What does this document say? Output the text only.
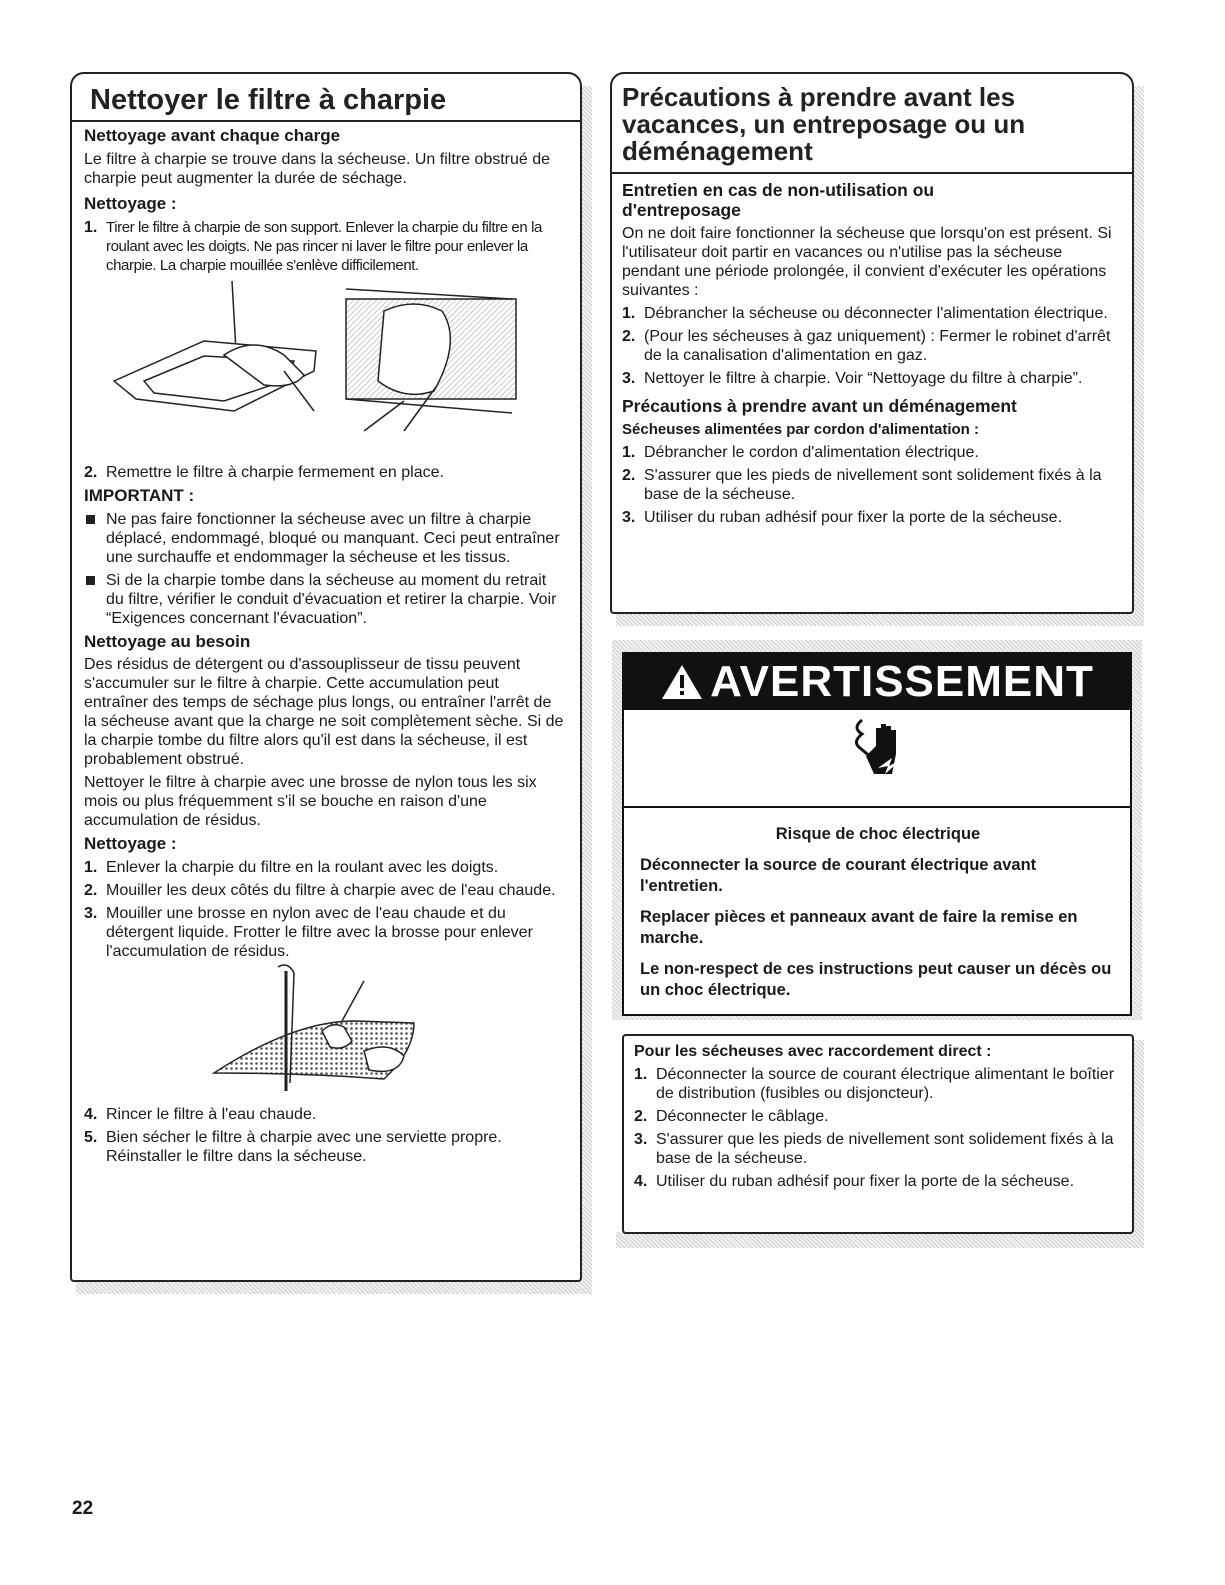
Nettoyer le filtre à charpie
Nettoyage avant chaque charge
Le filtre à charpie se trouve dans la sécheuse. Un filtre obstrué de charpie peut augmenter la durée de séchage.
Nettoyage :
1. Tirer le filtre à charpie de son support. Enlever la charpie du filtre en la roulant avec les doigts. Ne pas rincer ni laver le filtre pour enlever la charpie. La charpie mouillée s'enlève difficilement.
2. Remettre le filtre à charpie fermement en place.
IMPORTANT :
Ne pas faire fonctionner la sécheuse avec un filtre à charpie déplacé, endommagé, bloqué ou manquant. Ceci peut entraîner une surchauffe et endommager la sécheuse et les tissus.
Si de la charpie tombe dans la sécheuse au moment du retrait du filtre, vérifier le conduit d'évacuation et retirer la charpie. Voir “Exigences concernant l'évacuation”.
Nettoyage au besoin
Des résidus de détergent ou d'assouplisseur de tissu peuvent s'accumuler sur le filtre à charpie. Cette accumulation peut entraîner des temps de séchage plus longs, ou entraîner l'arrêt de la sécheuse avant que la charge ne soit complètement sèche. Si de la charpie tombe du filtre alors qu'il est dans la sécheuse, il est probablement obstrué.
Nettoyer le filtre à charpie avec une brosse de nylon tous les six mois ou plus fréquemment s'il se bouche en raison d'une accumulation de résidus.
Nettoyage :
1. Enlever la charpie du filtre en la roulant avec les doigts.
2. Mouiller les deux côtés du filtre à charpie avec de l'eau chaude.
3. Mouiller une brosse en nylon avec de l'eau chaude et du détergent liquide. Frotter le filtre avec la brosse pour enlever l'accumulation de résidus.
4. Rincer le filtre à l'eau chaude.
5. Bien sécher le filtre à charpie avec une serviette propre. Réinstaller le filtre dans la sécheuse.
Précautions à prendre avant les
vacances, un entreposage ou un
déménagement
Entretien en cas de non-utilisation ou d'entreposage
On ne doit faire fonctionner la sécheuse que lorsqu'on est présent. Si l'utilisateur doit partir en vacances ou n'utilise pas la sécheuse pendant une période prolongée, il convient d'exécuter les opérations suivantes :
1. Débrancher la sécheuse ou déconnecter l'alimentation électrique.
2. (Pour les sécheuses à gaz uniquement) : Fermer le robinet d'arrêt de la canalisation d'alimentation en gaz.
3. Nettoyer le filtre à charpie. Voir “Nettoyage du filtre à charpie”.
Précautions à prendre avant un déménagement
Sécheuses alimentées par cordon d'alimentation :
1. Débrancher le cordon d'alimentation électrique.
2. S'assurer que les pieds de nivellement sont solidement fixés à la base de la sécheuse.
3. Utiliser du ruban adhésif pour fixer la porte de la sécheuse.
AVERTISSEMENT

Risque de choc électrique

Déconnecter la source de courant électrique avant l'entretien.

Replacer pièces et panneaux avant de faire la remise en marche.

Le non-respect de ces instructions peut causer un décès ou un choc électrique.

Pour les sécheuses avec raccordement direct :
1. Déconnecter la source de courant électrique alimentant le boîtier de distribution (fusibles ou disjoncteur).
2. Déconnecter le câblage.
3. S'assurer que les pieds de nivellement sont solidement fixés à la base de la sécheuse.
4. Utiliser du ruban adhésif pour fixer la porte de la sécheuse.
22
